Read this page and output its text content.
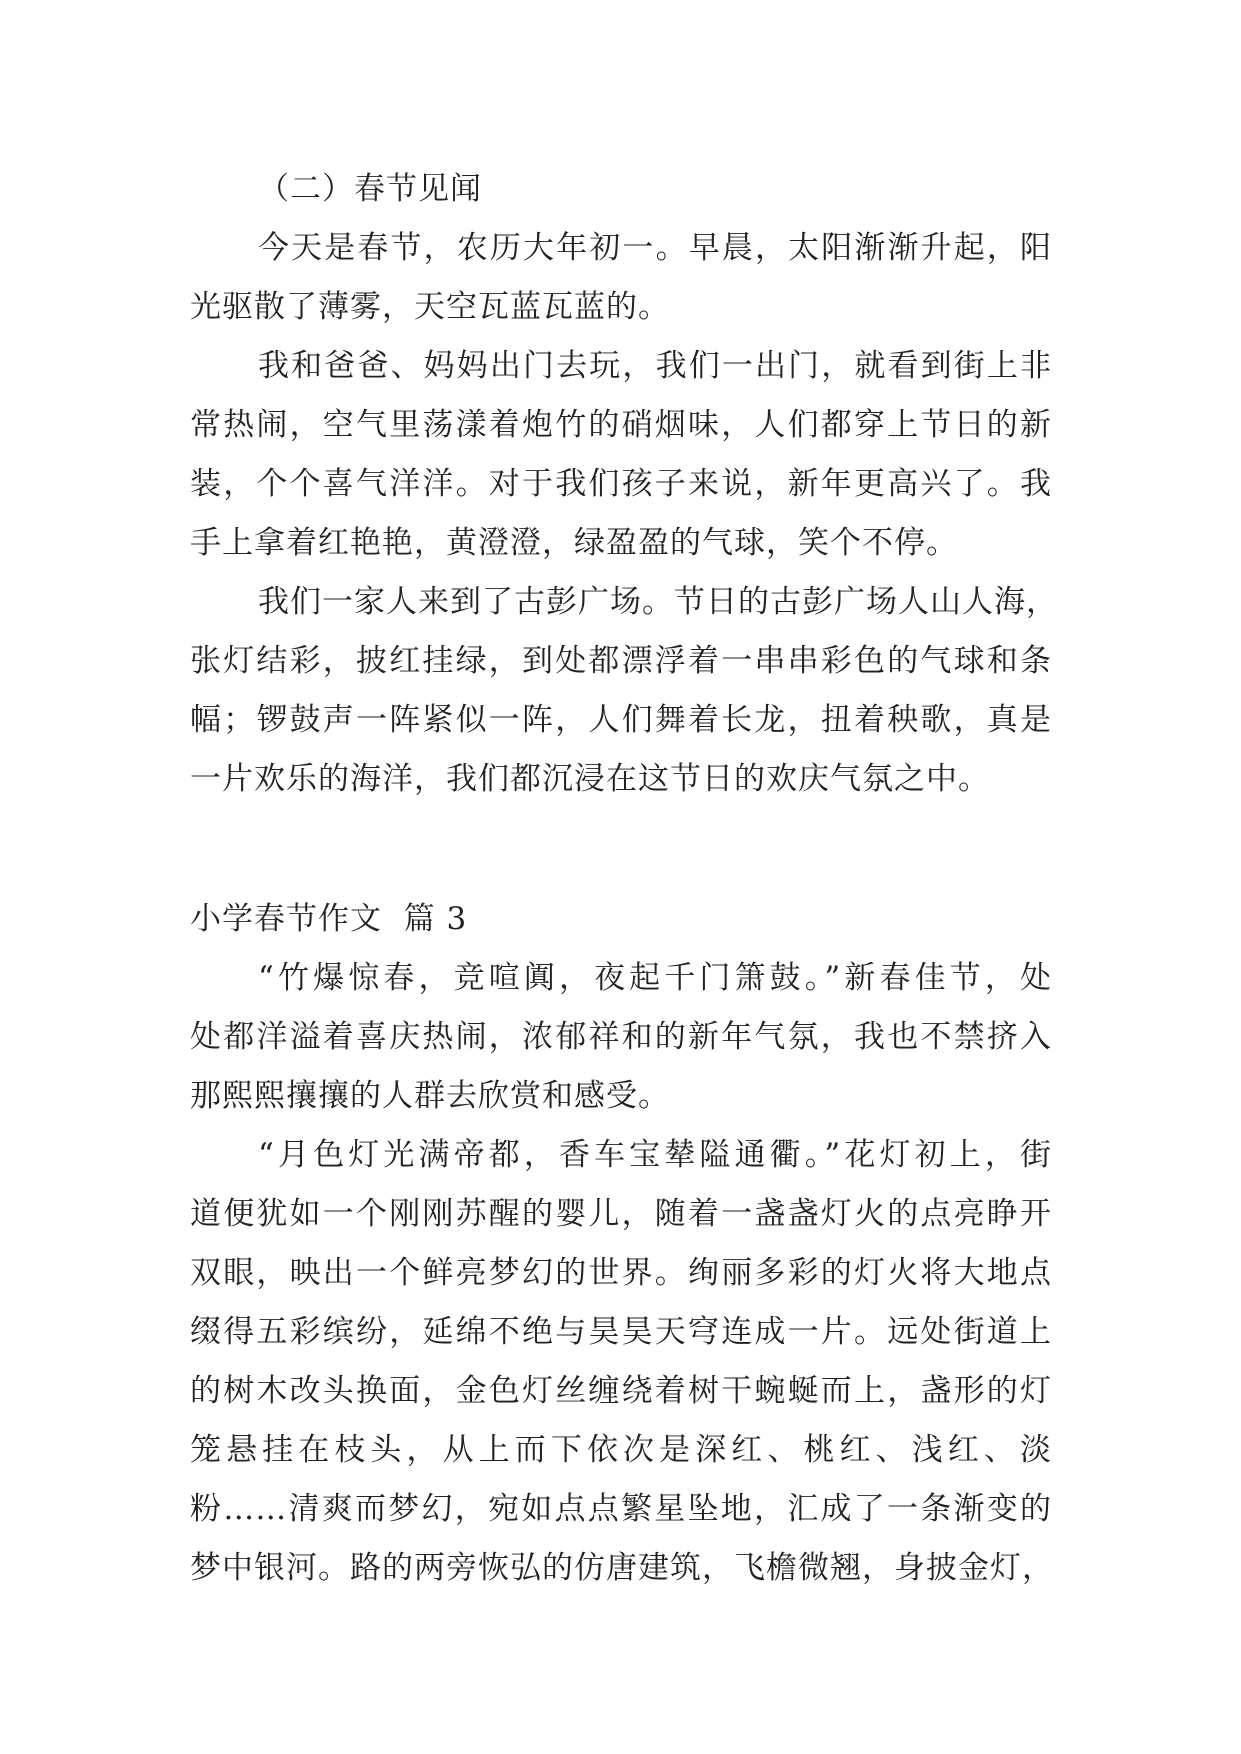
（二）春节见闻
今天是春节，农历大年初一。早晨，太阳渐渐升起，阳
光驱散了薄雾，天空瓦蓝瓦蓝的。
我和爸爸、妈妈出门去玩，我们一出门，就看到街上非
常热闹，空气里荡漾着炮竹的硝烟味，人们都穿上节日的新
装，个个喜气洋洋。对于我们孩子来说，新年更高兴了。我
手上拿着红艳艳，黄澄澄，绿盈盈的气球，笑个不停。
我们一家人来到了古彭广场。节日的古彭广场人山人海，
张灯结彩，披红挂绿，到处都漂浮着一串串彩色的气球和条
幅；锣鼓声一阵紧似一阵，人们舞着长龙，扭着秧歌，真是
一片欢乐的海洋，我们都沉浸在这节日的欢庆气氛之中。
小学春节作文  篇 3
“竹爆惊春，竞喧阗，夜起千门箫鼓。”新春佳节，处
处都洋溢着喜庆热闹，浓郁祥和的新年气氛，我也不禁挤入
那熙熙攘攘的人群去欣赏和感受。
“月色灯光满帝都，香车宝辇隘通衢。”花灯初上，街
道便犹如一个刚刚苏醒的婴儿，随着一盏盏灯火的点亮睁开
双眼，映出一个鲜亮梦幻的世界。绚丽多彩的灯火将大地点
缀得五彩缤纷，延绵不绝与昊昊天穹连成一片。远处街道上
的树木改头换面，金色灯丝缠绕着树干蜿蜒而上，盏形的灯
笼悬挂在枝头，从上而下依次是深红、桃红、浅红、淡
粉……清爽而梦幻，宛如点点繁星坠地，汇成了一条渐变的
梦中银河。路的两旁恢弘的仿唐建筑，飞檐微翘，身披金灯，
